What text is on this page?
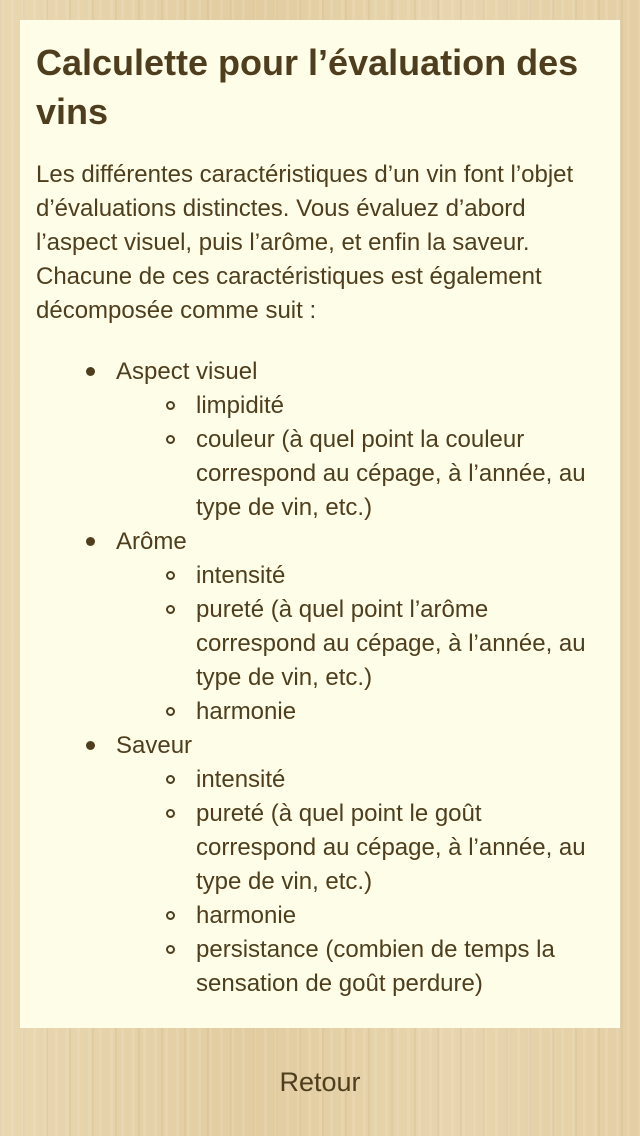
Calculette pour l’évaluation des vins

Les différentes caractéristiques d’un vin font l’objet d’évaluations distinctes. Vous évaluez d’abord l’aspect visuel, puis l’arôme, et enfin la saveur. Chacune de ces caractéristiques est également décomposée comme suit :

Aspect visuel
limpidité
couleur (à quel point la couleur correspond au cépage, à l’année, au type de vin, etc.)
Arôme
intensité
pureté (à quel point l’arôme correspond au cépage, à l’année, au type de vin, etc.)
harmonie
Saveur
intensité
pureté (à quel point le goût correspond au cépage, à l’année, au type de vin, etc.)
harmonie
persistance (combien de temps la sensation de goût perdure)
Retour
